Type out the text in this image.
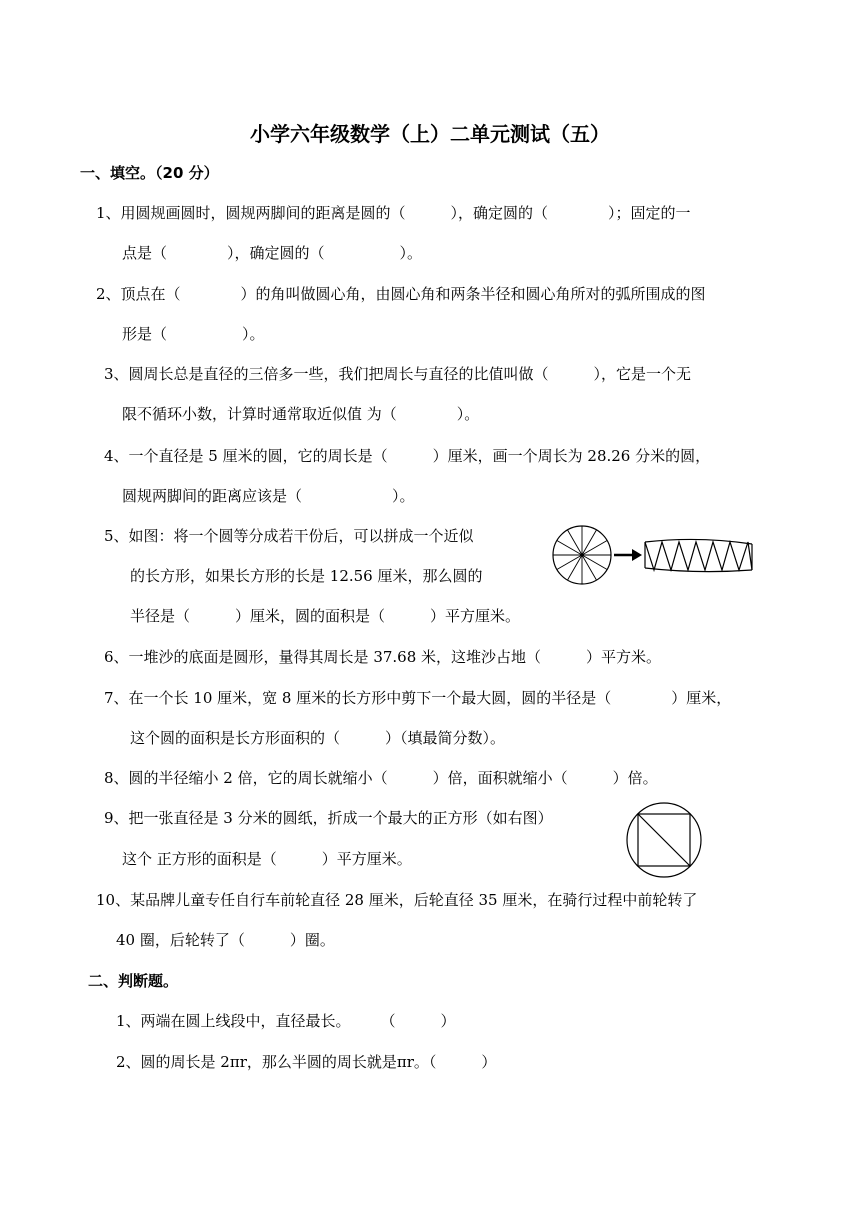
小学六年级数学（上）二单元测试（五）
一、填空。（20 分）
1、用圆规画圆时，圆规两脚间的距离是圆的（　　　），确定圆的（　　　　）；固定的一
点是（　　　　），确定圆的（　　　　　）。
2、顶点在（　　　　）的角叫做圆心角，由圆心角和两条半径和圆心角所对的弧所围成的图
形是（　　　　　）。
3、圆周长总是直径的三倍多一些，我们把周长与直径的比值叫做（　　　），它是一个无
限不循环小数，计算时通常取近似值 为（　　　　）。
4、一个直径是 5 厘米的圆，它的周长是（　　　）厘米，画一个周长为 28.26 分米的圆，
圆规两脚间的距离应该是（　　　　　　）。
5、如图：将一个圆等分成若干份后，可以拼成一个近似
的长方形，如果长方形的长是 12.56 厘米，那么圆的
半径是（　　　）厘米，圆的面积是（　　　）平方厘米。
6、一堆沙的底面是圆形，量得其周长是 37.68 米，这堆沙占地（　　　）平方米。
7、在一个长 10 厘米，宽 8 厘米的长方形中剪下一个最大圆，圆的半径是（　　　　）厘米，
这个圆的面积是长方形面积的（　　　）（填最简分数）。
8、圆的半径缩小 2 倍，它的周长就缩小（　　　）倍，面积就缩小（　　　）倍。
9、把一张直径是 3 分米的圆纸，折成一个最大的正方形（如右图）
这个 正方形的面积是（　　　）平方厘米。
10、某品牌儿童专任自行车前轮直径 28 厘米，后轮直径 35 厘米，在骑行过程中前轮转了
40 圈，后轮转了（　　　）圈。
二、判断题。
1、两端在圆上线段中，直径最长。　　　（　　　）
2、圆的周长是 2πr，那么半圆的周长就是πr。（　　　）
